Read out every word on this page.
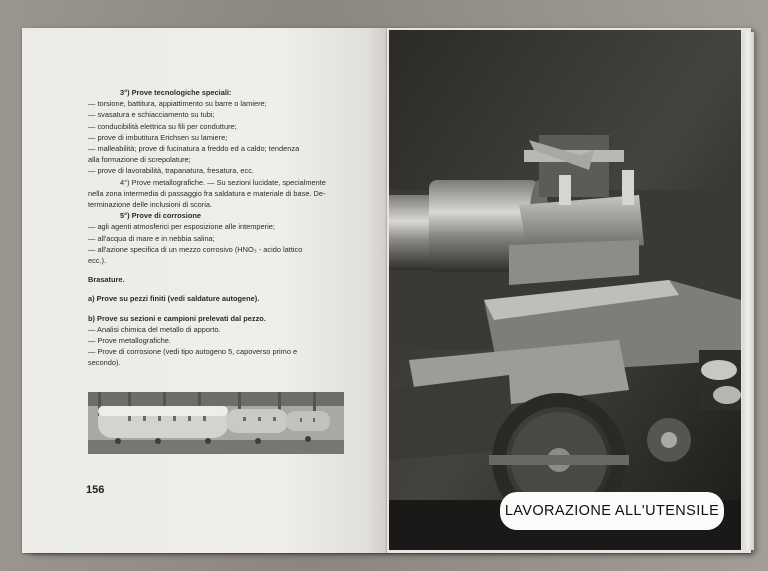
3°) Prove tecnologiche speciali:
— torsione, battitura, appiattimento su barre o lamiere;
— svasatura e schiacciamento su tubi;
— conducibilità elettrica su fili per condutture;
— prove di imbutitura Erichsen su lamiere;
— malleabilità; prove di fucinatura a freddo ed a caldo; tendenza
alla formazione di screpolature;
— prove di lavorabilità, trapanatura, fresatura, ecc.
4°) Prove metallografiche. — Su sezioni lucidate, specialmente
nella zona intermedia di passaggio fra saldatura e materiale di base. De-
terminazione delle inclusioni di scoria.
5°) Prove di corrosione
— agli agenti atmosferici per esposizione alle intemperie;
— all'acqua di mare e in nebbia salina;
— all'azione specifica di un mezzo corrosivo (HNO₃ - acido lattico
ecc.).
Brasature.
a) Prove su pezzi finiti (vedi saldature autogene).
b) Prove su sezioni e campioni prelevati dal pezzo.
— Analisi chimica del metallo di apporto.
— Prove metallografiche.
— Prove di corrosione (vedi tipo autogeno 5, capoverso primo e
secondo).
156
LAVORAZIONE ALL'UTENSILE
